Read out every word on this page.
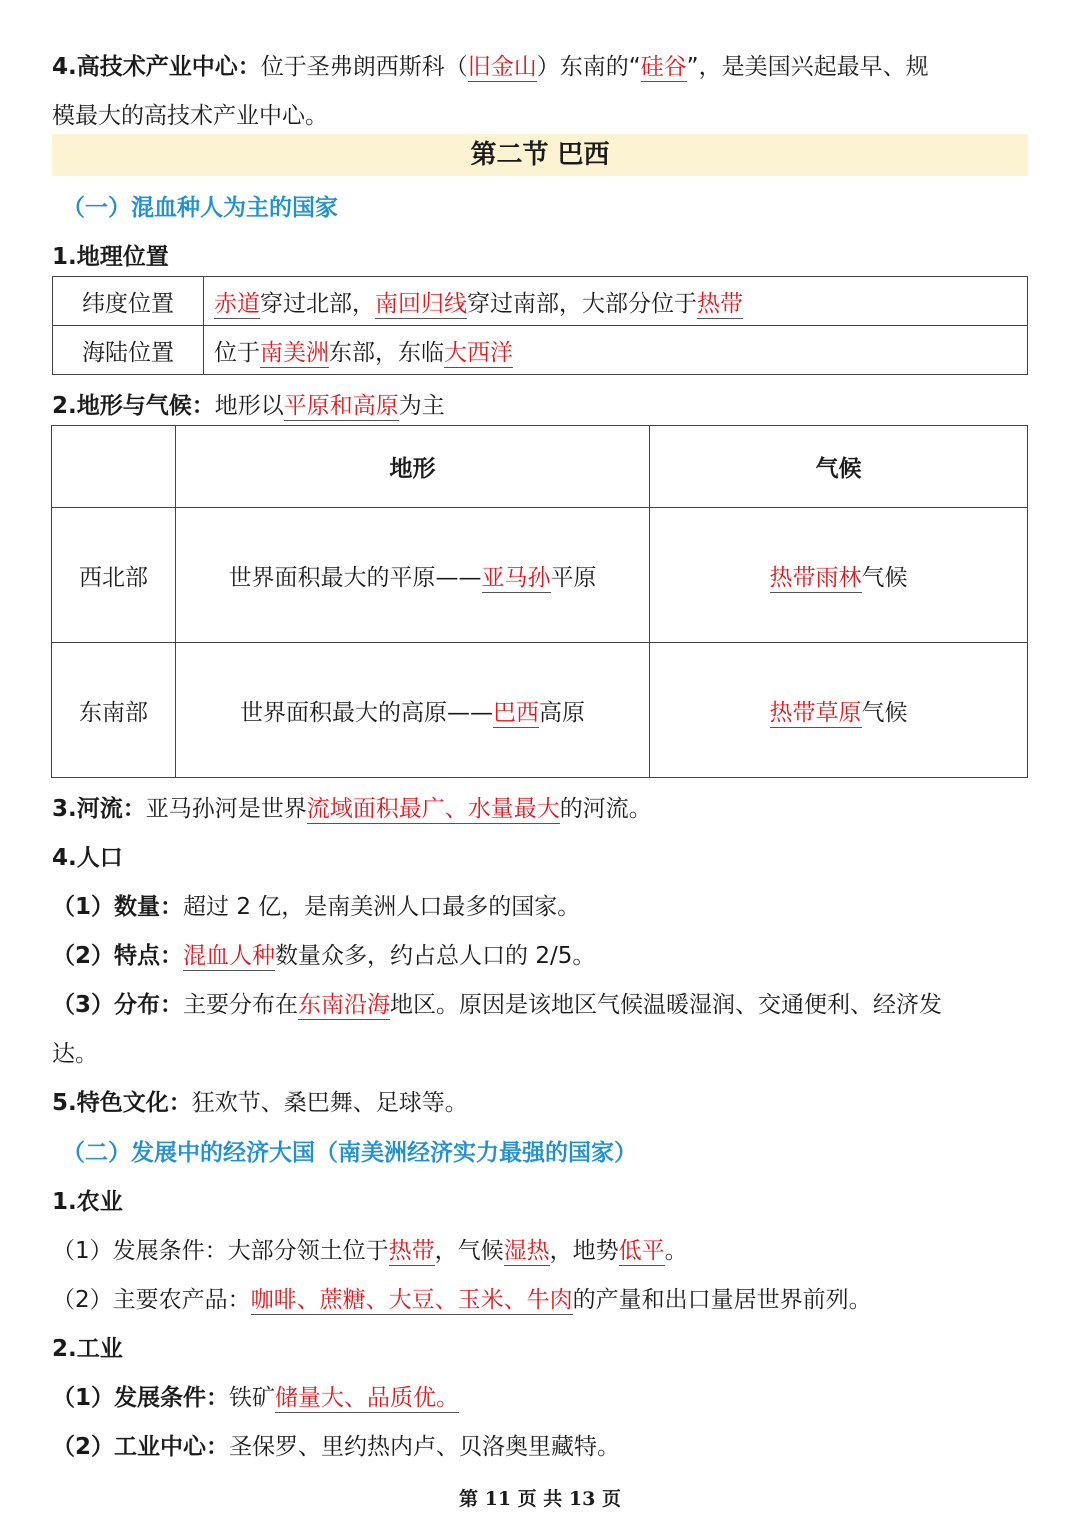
4.高技术产业中心：位于圣弗朗西斯科（旧金山）东南的“硅谷”，是美国兴起最早、规
模最大的高技术产业中心。
第二节 巴西
（一）混血种人为主的国家
1.地理位置
纬度位置	赤道穿过北部，南回归线穿过南部，大部分位于热带
海陆位置	位于南美洲东部，东临大西洋
2.地形与气候：地形以平原和高原为主
	地形	气候
西北部	世界面积最大的平原——亚马孙平原	热带雨林气候
东南部	世界面积最大的高原——巴西高原	热带草原气候
3.河流：亚马孙河是世界流域面积最广、水量最大的河流。
4.人口
（1）数量：超过 2 亿，是南美洲人口最多的国家。
（2）特点：混血人种数量众多，约占总人口的 2/5。
（3）分布：主要分布在东南沿海地区。原因是该地区气候温暖湿润、交通便利、经济发
达。
5.特色文化：狂欢节、桑巴舞、足球等。
（二）发展中的经济大国（南美洲经济实力最强的国家）
1.农业
（1）发展条件：大部分领土位于热带，气候湿热，地势低平。
（2）主要农产品：咖啡、蔗糖、大豆、玉米、牛肉的产量和出口量居世界前列。
2.工业
（1）发展条件：铁矿储量大、品质优。
（2）工业中心：圣保罗、里约热内卢、贝洛奥里藏特。
第 11 页 共 13 页
